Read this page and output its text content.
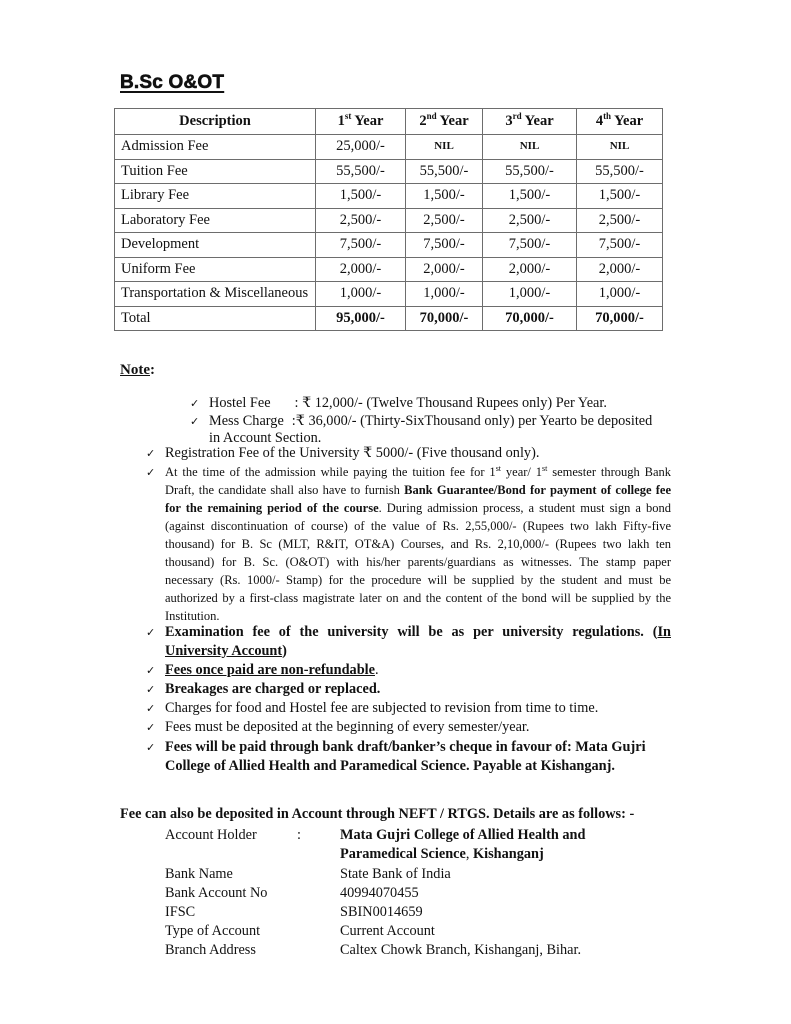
B.Sc O&OT
Description	1st Year	2nd Year	3rd Year	4th Year
Admission Fee	25,000/-	NIL	NIL	NIL
Tuition Fee	55,500/-	55,500/-	55,500/-	55,500/-
Library Fee	1,500/-	1,500/-	1,500/-	1,500/-
Laboratory Fee	2,500/-	2,500/-	2,500/-	2,500/-
Development	7,500/-	7,500/-	7,500/-	7,500/-
Uniform Fee	2,000/-	2,000/-	2,000/-	2,000/-
Transportation & Miscellaneous	1,000/-	1,000/-	1,000/-	1,000/-
Total	95,000/-	70,000/-	70,000/-	70,000/-
Note:
✓ Hostel Fee : ₹ 12,000/- (Twelve Thousand Rupees only) Per Year.
✓ Mess Charge :₹ 36,000/- (Thirty-SixThousand only) per Yearto be deposited
in Account Section.
✓ Registration Fee of the University ₹ 5000/- (Five thousand only).
✓ At the time of the admission while paying the tuition fee for 1st year/ 1st semester through Bank Draft, the candidate shall also have to furnish Bank Guarantee/Bond for payment of college fee for the remaining period of the course. During admission process, a student must sign a bond (against discontinuation of course) of the value of Rs. 2,55,000/- (Rupees two lakh Fifty-five thousand) for B. Sc (MLT, R&IT, OT&A) Courses, and Rs. 2,10,000/- (Rupees two lakh ten thousand) for B. Sc. (O&OT) with his/her parents/guardians as witnesses. The stamp paper necessary (Rs. 1000/- Stamp) for the procedure will be supplied by the student and must be authorized by a first-class magistrate later on and the content of the bond will be supplied by the Institution.
✓ Examination fee of the university will be as per university regulations. (In University Account)
✓ Fees once paid are non-refundable.
✓ Breakages are charged or replaced.
✓ Charges for food and Hostel fee are subjected to revision from time to time.
✓ Fees must be deposited at the beginning of every semester/year.
✓ Fees will be paid through bank draft/banker’s cheque in favour of: Mata Gujri
College of Allied Health and Paramedical Science. Payable at Kishanganj.
Fee can also be deposited in Account through NEFT / RTGS. Details are as follows: -
Account Holder	:	Mata Gujri College of Allied Health and
Paramedical Science, Kishanganj
Bank Name	State Bank of India
Bank Account No	40994070455
IFSC	SBIN0014659
Type of Account	Current Account
Branch Address	Caltex Chowk Branch, Kishanganj, Bihar.
